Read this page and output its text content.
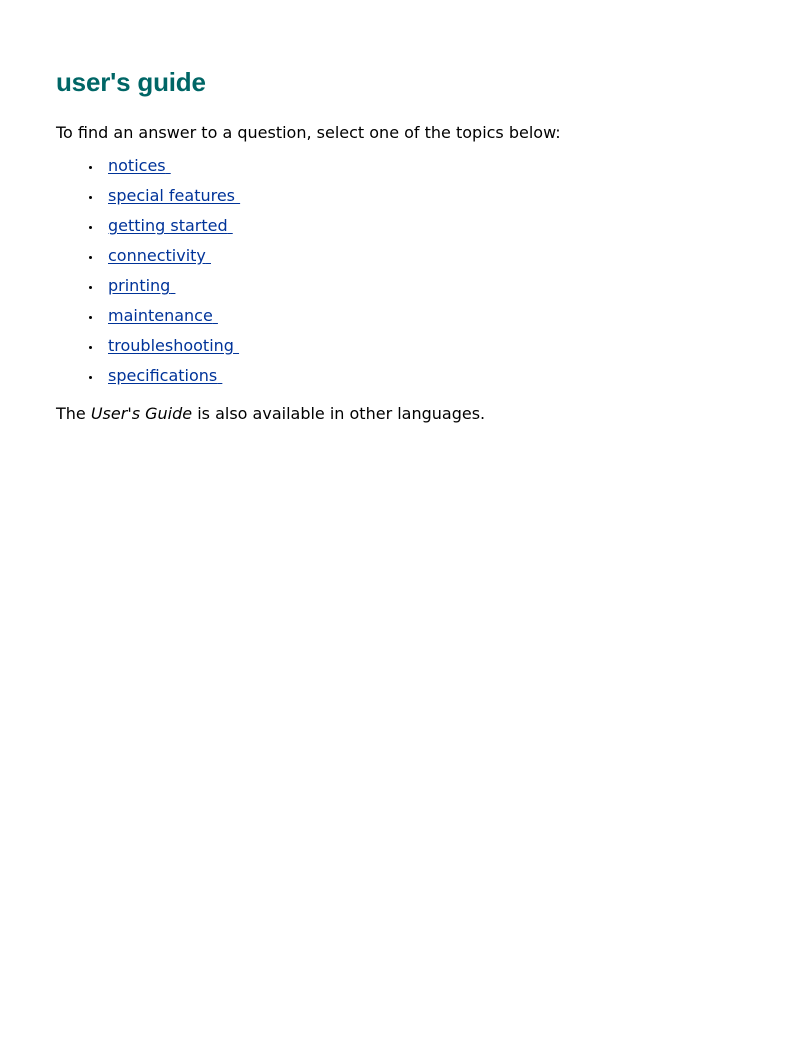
user's guide

To find an answer to a question, select one of the topics below:

notices
special features
getting started
connectivity
printing
maintenance
troubleshooting
specifications

The User's Guide is also available in other languages.
